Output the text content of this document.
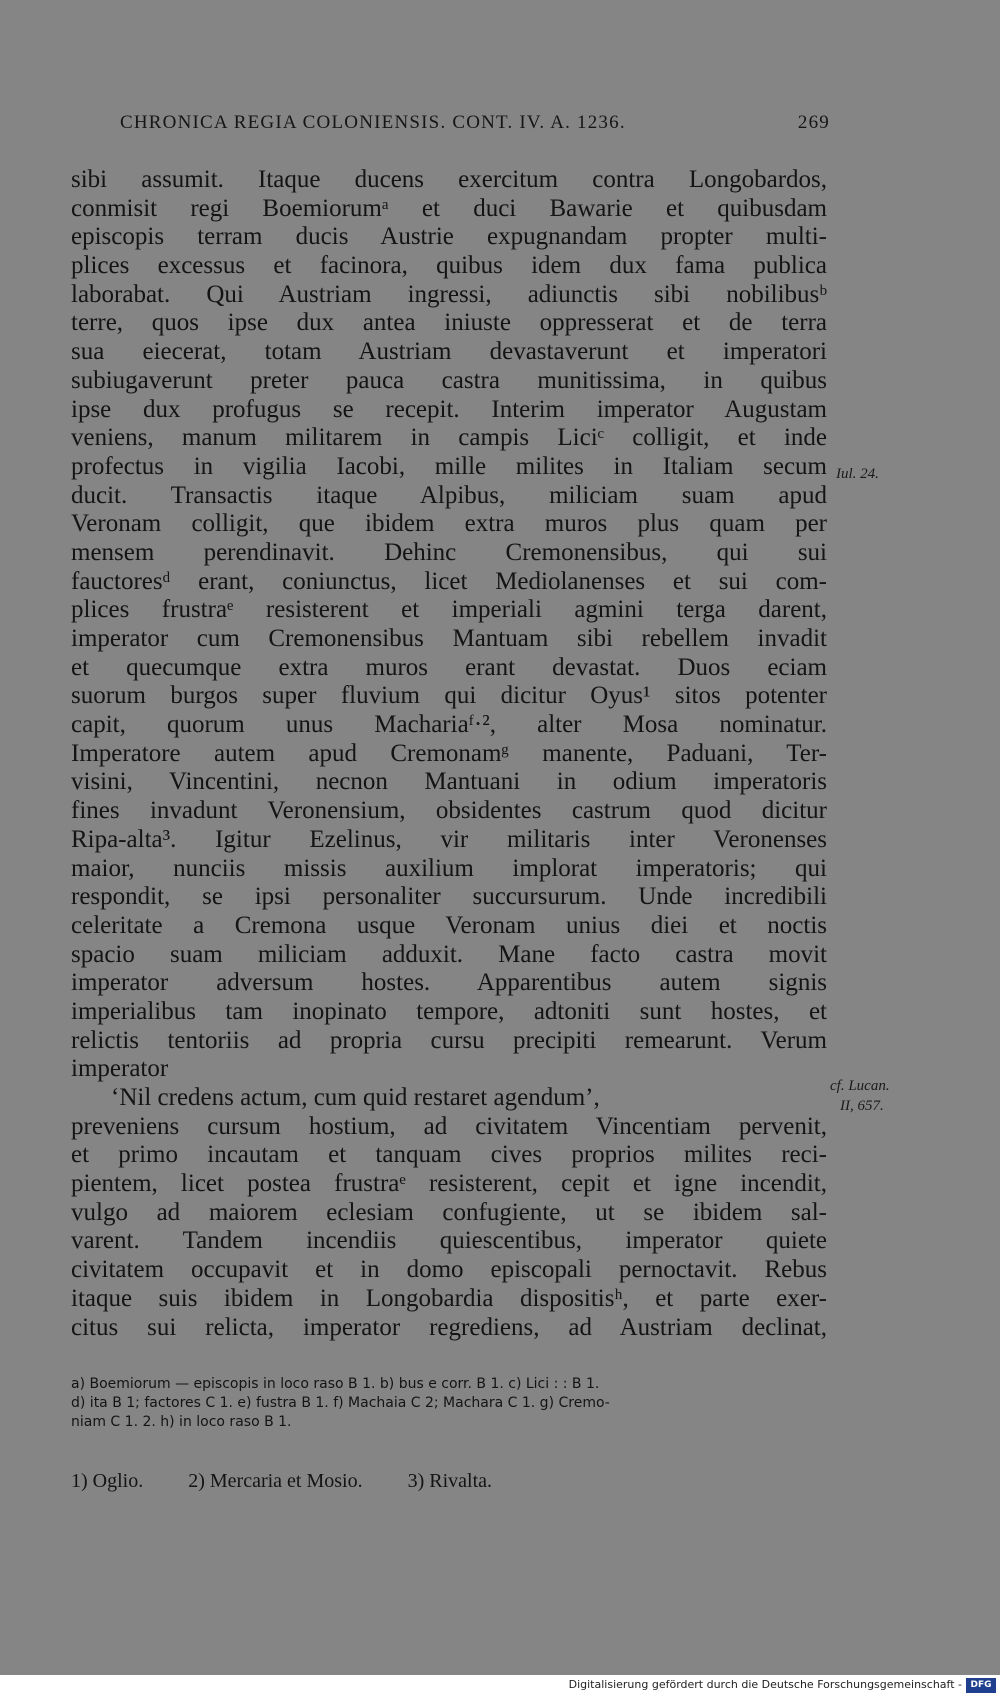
CHRONICA REGIA COLONIENSIS. CONT. IV. A. 1236.	269
sibi assumit. Itaque ducens exercitum contra Longobardos,
conmisit regi Boemiorumᵃ et duci Bawarie et quibusdam
episcopis terram ducis Austrie expugnandam propter multi-
plices excessus et facinora, quibus idem dux fama publica
laborabat. Qui Austriam ingressi, adiunctis sibi nobilibusᵇ
terre, quos ipse dux antea iniuste oppresserat et de terra
sua eiecerat, totam Austriam devastaverunt et imperatori
subiugaverunt preter pauca castra munitissima, in quibus
ipse dux profugus se recepit. Interim imperator Augustam
veniens, manum militarem in campis Liciᶜ colligit, et inde
profectus in vigilia Iacobi, mille milites in Italiam secum
ducit. Transactis itaque Alpibus, miliciam suam apud
Veronam colligit, que ibidem extra muros plus quam per
mensem perendinavit. Dehinc Cremonensibus, qui sui
fauctoresᵈ erant, coniunctus, licet Mediolanenses et sui com-
plices frustraᵉ resisterent et imperiali agmini terga darent,
imperator cum Cremonensibus Mantuam sibi rebellem invadit
et quecumque extra muros erant devastat. Duos eciam
suorum burgos super fluvium qui dicitur Oyus¹ sitos potenter
capit, quorum unus Machariaᶠ·², alter Mosa nominatur.
Imperatore autem apud Cremonamᵍ manente, Paduani, Ter-
visini, Vincentini, necnon Mantuani in odium imperatoris
fines invadunt Veronensium, obsidentes castrum quod dicitur
Ripa-alta³. Igitur Ezelinus, vir militaris inter Veronenses
maior, nunciis missis auxilium implorat imperatoris; qui
respondit, se ipsi personaliter succursurum. Unde incredibili
celeritate a Cremona usque Veronam unius diei et noctis
spacio suam miliciam adduxit. Mane facto castra movit
imperator adversum hostes. Apparentibus autem signis
imperialibus tam inopinato tempore, adtoniti sunt hostes, et
relictis tentoriis ad propria cursu precipiti remearunt. Verum
imperator
‘Nil credens actum, cum quid restaret agendum’,
preveniens cursum hostium, ad civitatem Vincentiam pervenit,
et primo incautam et tanquam cives proprios milites reci-
pientem, licet postea frustraᵉ resisterent, cepit et igne incendit,
vulgo ad maiorem eclesiam confugiente, ut se ibidem sal-
varent. Tandem incendiis quiescentibus, imperator quiete
civitatem occupavit et in domo episcopali pernoctavit. Rebus
itaque suis ibidem in Longobardia dispositisʰ, et parte exer-
citus sui relicta, imperator regrediens, ad Austriam declinat,
Iul. 24.
cf. Lucan.
II, 657.
a) Boemiorum — episcopis in loco raso B 1. b) bus e corr. B 1. c) Lici : : B 1.
d) ita B 1; factores C 1. e) fustra B 1. f) Machaia C 2; Machara C 1. g) Cremo-
niam C 1. 2. h) in loco raso B 1.
1) Oglio. 2) Mercaria et Mosio. 3) Rivalta.
Digitalisierung gefördert durch die Deutsche Forschungsgemeinschaft - DFG
